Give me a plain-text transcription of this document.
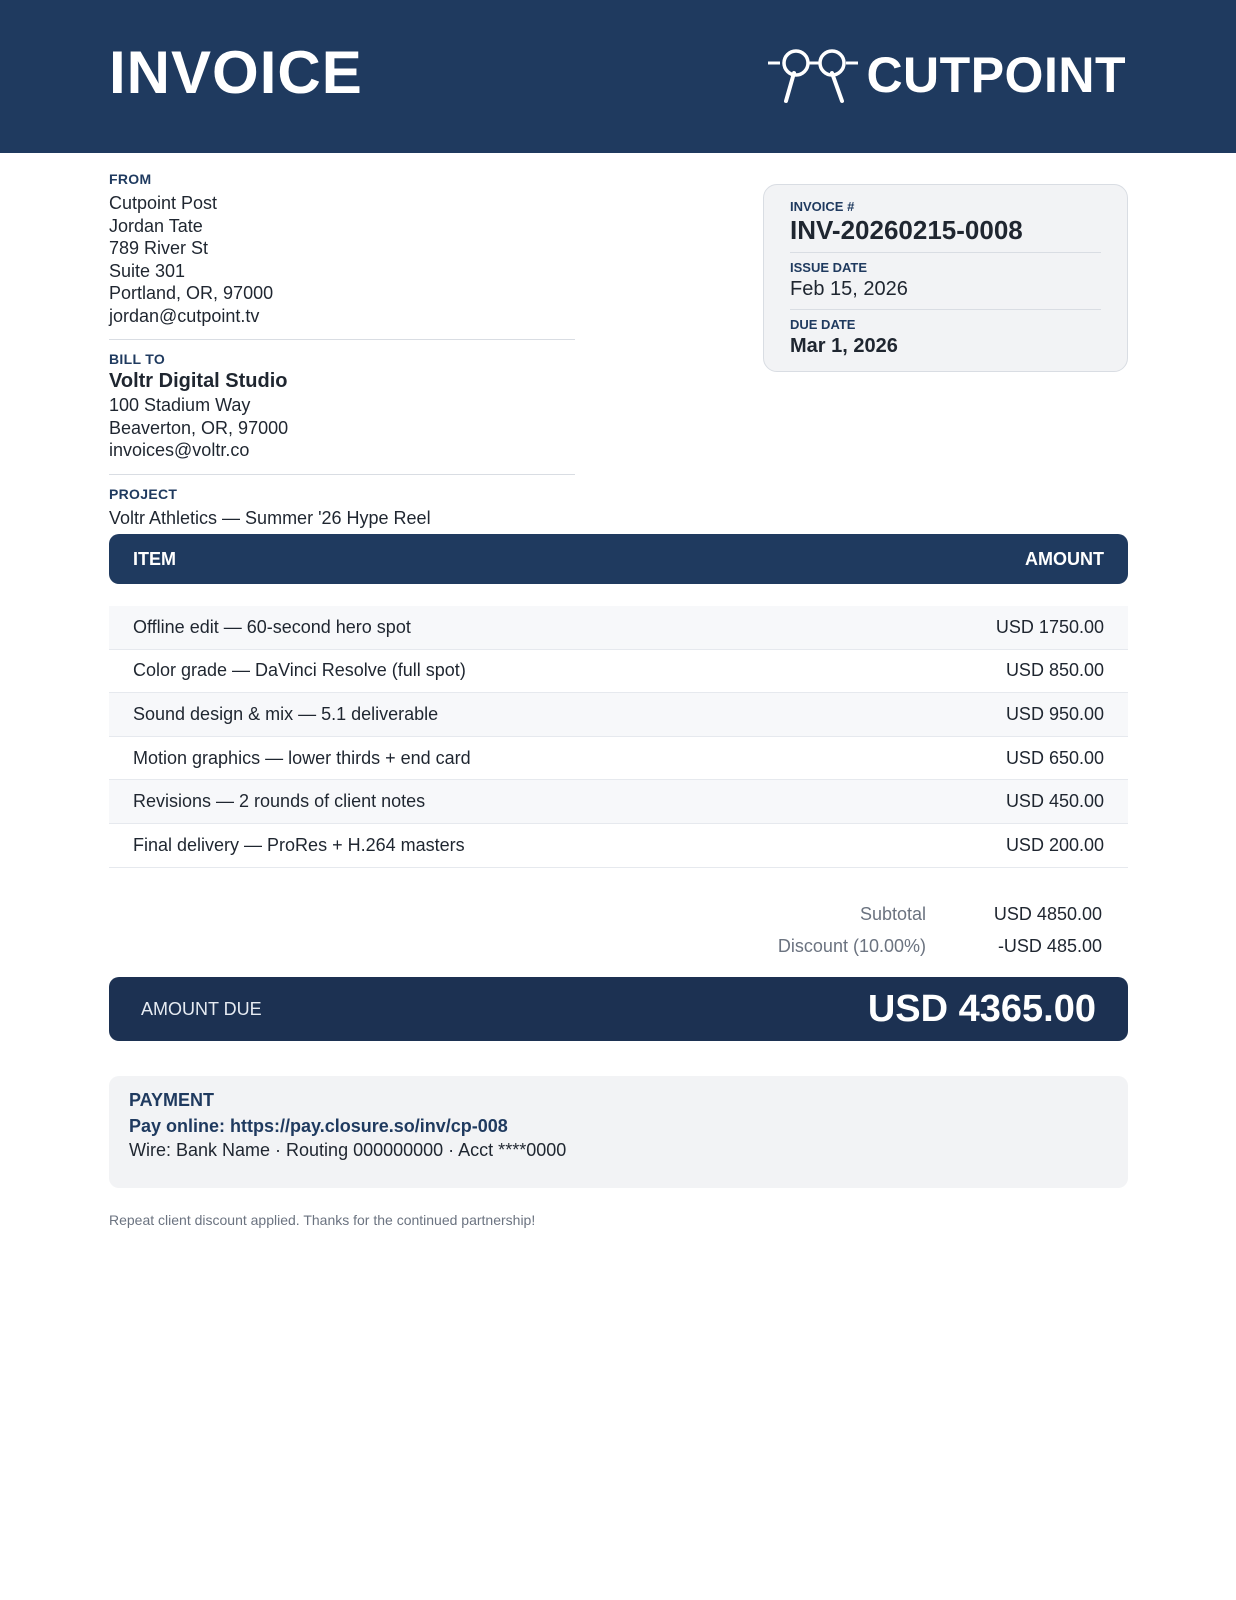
INVOICE	CUTPOINT
FROM
Cutpoint Post
Jordan Tate
789 River St
Suite 301
Portland, OR, 97000
jordan@cutpoint.tv
BILL TO
Voltr Digital Studio
100 Stadium Way
Beaverton, OR, 97000
invoices@voltr.co
PROJECT
Voltr Athletics — Summer '26 Hype Reel
INVOICE #
INV-20260215-0008
ISSUE DATE
Feb 15, 2026
DUE DATE
Mar 1, 2026
ITEM	AMOUNT
Offline edit — 60-second hero spot	USD 1750.00
Color grade — DaVinci Resolve (full spot)	USD 850.00
Sound design & mix — 5.1 deliverable	USD 950.00
Motion graphics — lower thirds + end card	USD 650.00
Revisions — 2 rounds of client notes	USD 450.00
Final delivery — ProRes + H.264 masters	USD 200.00
Subtotal	USD 4850.00
Discount (10.00%)	-USD 485.00
AMOUNT DUE	USD 4365.00
PAYMENT
Pay online: https://pay.closure.so/inv/cp-008
Wire: Bank Name · Routing 000000000 · Acct ****0000
Repeat client discount applied. Thanks for the continued partnership!
